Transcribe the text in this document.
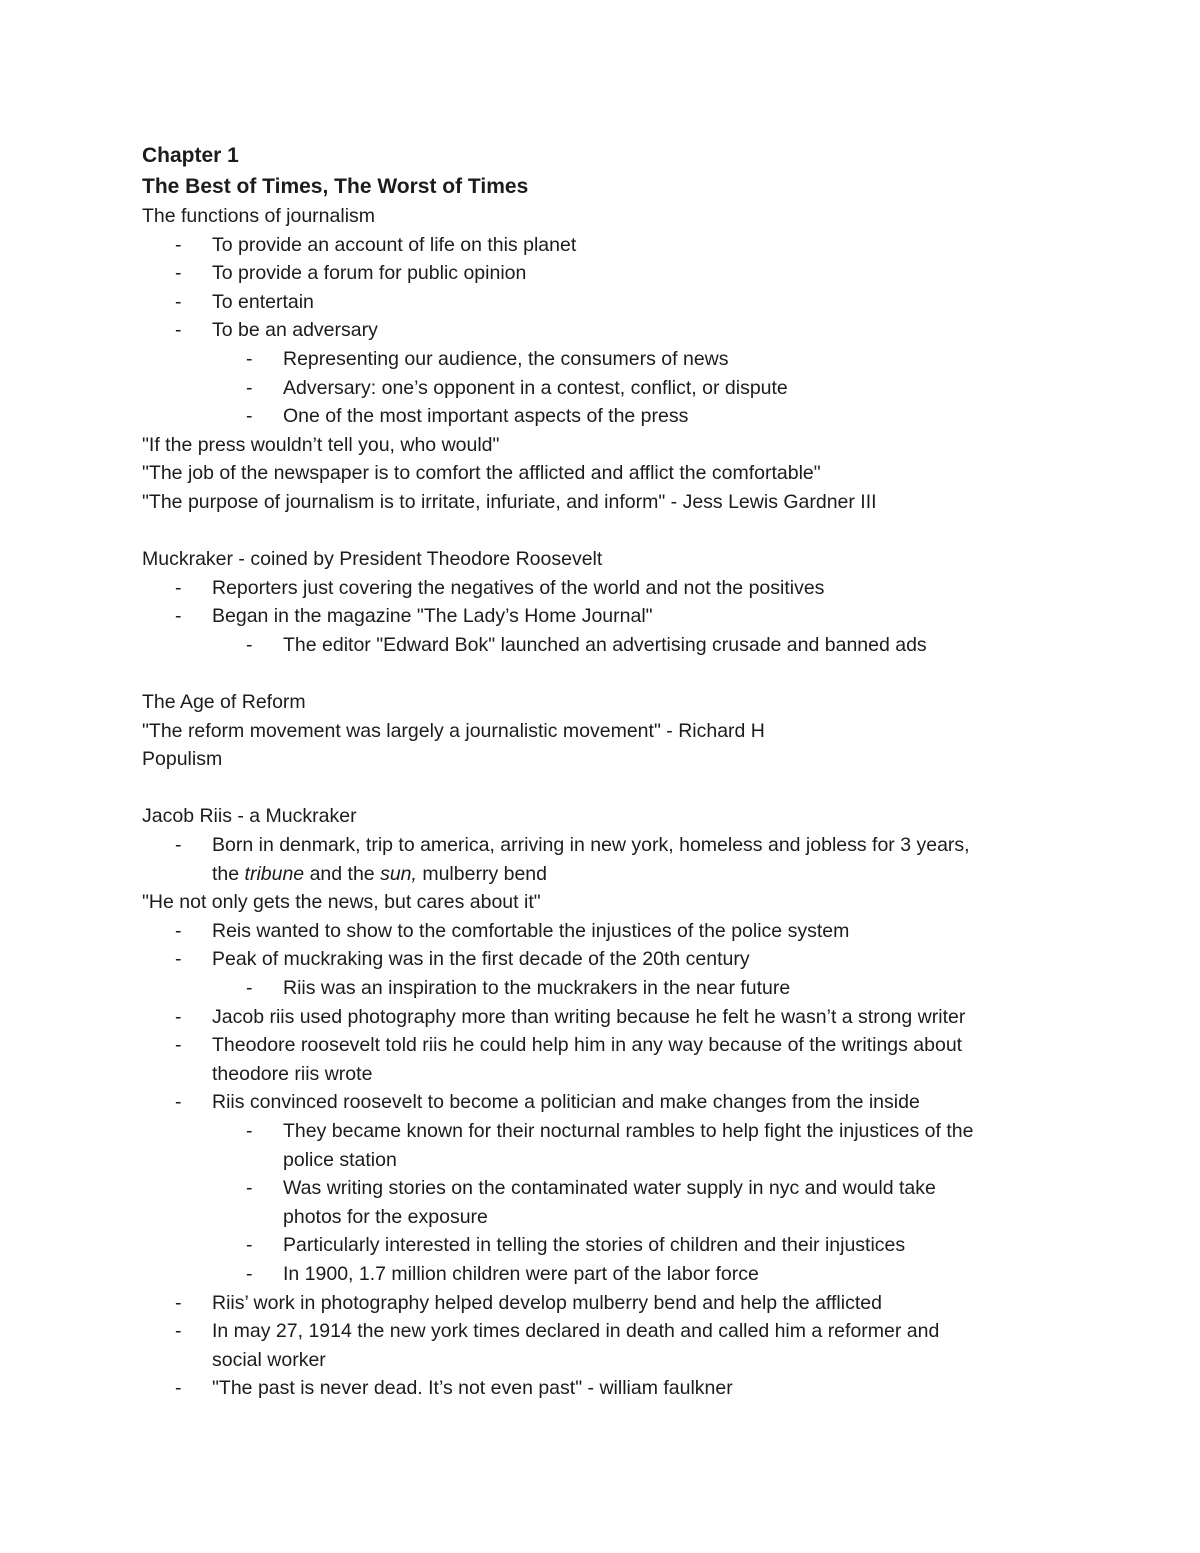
Chapter 1
The Best of Times, The Worst of Times
The functions of journalism
- To provide an account of life on this planet
- To provide a forum for public opinion
- To entertain
- To be an adversary
- Representing our audience, the consumers of news
- Adversary: one’s opponent in a contest, conflict, or dispute
- One of the most important aspects of the press
"If the press wouldn’t tell you, who would"
"The job of the newspaper is to comfort the afflicted and afflict the comfortable"
"The purpose of journalism is to irritate, infuriate, and inform" - Jess Lewis Gardner III
Muckraker - coined by President Theodore Roosevelt
- Reporters just covering the negatives of the world and not the positives
- Began in the magazine "The Lady’s Home Journal"
- The editor "Edward Bok" launched an advertising crusade and banned ads
The Age of Reform
"The reform movement was largely a journalistic movement" - Richard H
Populism
Jacob Riis - a Muckraker
- Born in denmark, trip to america, arriving in new york, homeless and jobless for 3 years,
the tribune and the sun, mulberry bend
"He not only gets the news, but cares about it"
- Reis wanted to show to the comfortable the injustices of the police system
- Peak of muckraking was in the first decade of the 20th century
- Riis was an inspiration to the muckrakers in the near future
- Jacob riis used photography more than writing because he felt he wasn’t a strong writer
- Theodore roosevelt told riis he could help him in any way because of the writings about
theodore riis wrote
- Riis convinced roosevelt to become a politician and make changes from the inside
- They became known for their nocturnal rambles to help fight the injustices of the
police station
- Was writing stories on the contaminated water supply in nyc and would take
photos for the exposure
- Particularly interested in telling the stories of children and their injustices
- In 1900, 1.7 million children were part of the labor force
- Riis’ work in photography helped develop mulberry bend and help the afflicted
- In may 27, 1914 the new york times declared in death and called him a reformer and
social worker
- "The past is never dead. It’s not even past" - william faulkner
